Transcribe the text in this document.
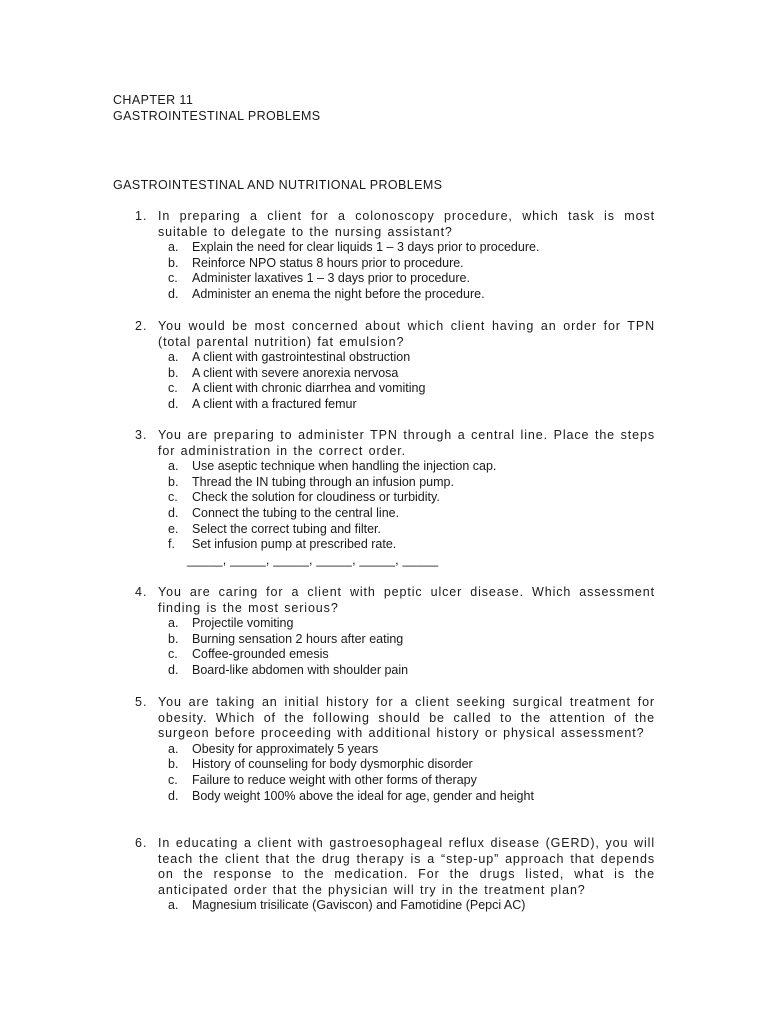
CHAPTER 11
GASTROINTESTINAL PROBLEMS
GASTROINTESTINAL AND NUTRITIONAL PROBLEMS
1. In preparing a client for a colonoscopy procedure, which task is most suitable to delegate to the nursing assistant?
a.	Explain the need for clear liquids 1 – 3 days prior to procedure.
b.	Reinforce NPO status 8 hours prior to procedure.
c.	Administer laxatives 1 – 3 days prior to procedure.
d.	Administer an enema the night before the procedure.
2. You would be most concerned about which client having an order for TPN (total parental nutrition) fat emulsion?
a.	A client with gastrointestinal obstruction
b.	A client with severe anorexia nervosa
c.	A client with chronic diarrhea and vomiting
d.	A client with a fractured femur
3. You are preparing to administer TPN through a central line. Place the steps for administration in the correct order.
a.	Use aseptic technique when handling the injection cap.
b.	Thread the IN tubing through an infusion pump.
c.	Check the solution for cloudiness or turbidity.
d.	Connect the tubing to the central line.
e.	Select the correct tubing and filter.
f.	Set infusion pump at prescribed rate.
_____, _____, _____, _____, _____, _____
4. You are caring for a client with peptic ulcer disease. Which assessment finding is the most serious?
a.	Projectile vomiting
b.	Burning sensation 2 hours after eating
c.	Coffee-grounded emesis
d.	Board-like abdomen with shoulder pain
5. You are taking an initial history for a client seeking surgical treatment for obesity. Which of the following should be called to the attention of the surgeon before proceeding with additional history or physical assessment?
a.	Obesity for approximately 5 years
b.	History of counseling for body dysmorphic disorder
c.	Failure to reduce weight with other forms of therapy
d.	Body weight 100% above the ideal for age, gender and height
6. In educating a client with gastroesophageal reflux disease (GERD), you will teach the client that the drug therapy is a “step-up” approach that depends on the response to the medication. For the drugs listed, what is the anticipated order that the physician will try in the treatment plan?
a.	Magnesium trisilicate (Gaviscon) and Famotidine (Pepci AC)
